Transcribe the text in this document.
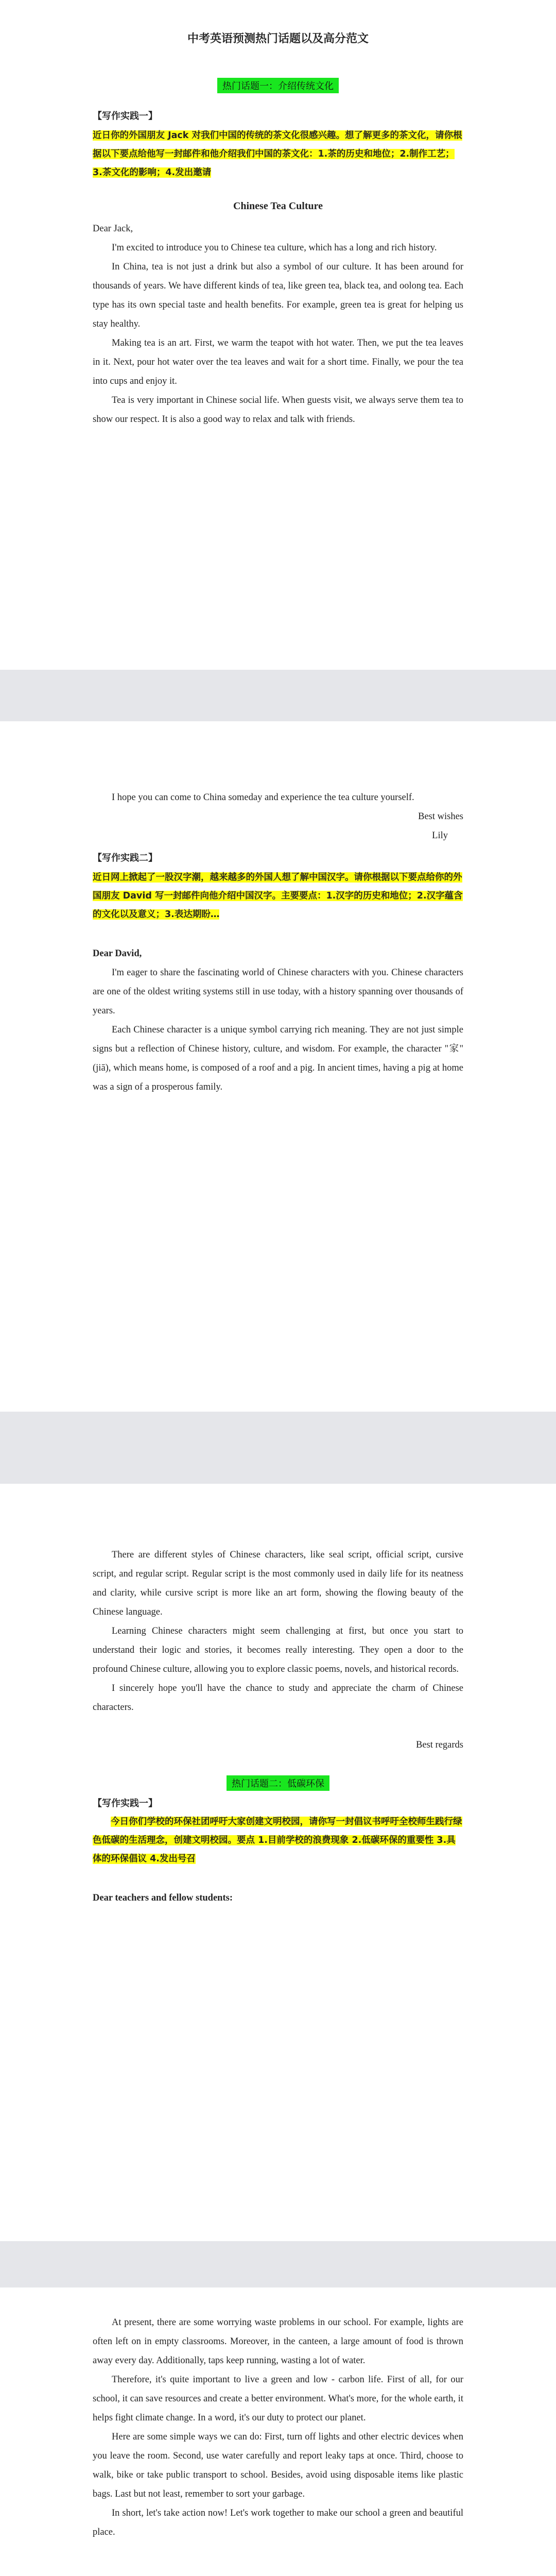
中考英语预测热门话题以及高分范文

热门话题一：介绍传统文化

【写作实践一】

近日你的外国朋友 Jack 对我们中国的传统的茶文化很感兴趣。想了解更多的茶文化，请你根据以下要点给他写一封邮件和他介绍我们中国的茶文化：1.茶的历史和地位；2.制作工艺；3.茶文化的影响；4.发出邀请

Chinese Tea Culture

Dear Jack,

I'm excited to introduce you to Chinese tea culture, which has a long and rich history.

In China, tea is not just a drink but also a symbol of our culture. It has been around for thousands of years. We have different kinds of tea, like green tea, black tea, and oolong tea. Each type has its own special taste and health benefits. For example, green tea is great for helping us stay healthy.

Making tea is an art. First, we warm the teapot with hot water. Then, we put the tea leaves in it. Next, pour hot water over the tea leaves and wait for a short time. Finally, we pour the tea into cups and enjoy it.

Tea is very important in Chinese social life. When guests visit, we always serve them tea to show our respect. It is also a good way to relax and talk with friends.

I hope you can come to China someday and experience the tea culture yourself.

Best wishes

Lily

【写作实践二】

近日网上掀起了一股汉字潮，越来越多的外国人想了解中国汉字。请你根据以下要点给你的外国朋友 David 写一封邮件向他介绍中国汉字。主要要点：1.汉字的历史和地位；2.汉字蕴含的文化以及意义；3.表达期盼…

Dear David,

I'm eager to share the fascinating world of Chinese characters with you. Chinese characters are one of the oldest writing systems still in use today, with a history spanning over thousands of years.

Each Chinese character is a unique symbol carrying rich meaning. They are not just simple signs but a reflection of Chinese history, culture, and wisdom. For example, the character "家" (jiā), which means home, is composed of a roof and a pig. In ancient times, having a pig at home was a sign of a prosperous family.

There are different styles of Chinese characters, like seal script, official script, cursive script, and regular script. Regular script is the most commonly used in daily life for its neatness and clarity, while cursive script is more like an art form, showing the flowing beauty of the Chinese language.

Learning Chinese characters might seem challenging at first, but once you start to understand their logic and stories, it becomes really interesting. They open a door to the profound Chinese culture, allowing you to explore classic poems, novels, and historical records.

I sincerely hope you'll have the chance to study and appreciate the charm of Chinese characters.

Best regards

热门话题二：低碳环保

【写作实践一】

今日你们学校的环保社团呼吁大家创建文明校园，请你写一封倡议书呼吁全校师生践行绿色低碳的生活理念，创建文明校园。要点 1.目前学校的浪费现象 2.低碳环保的重要性 3.具体的环保倡议 4.发出号召

Dear teachers and fellow students:

At present, there are some worrying waste problems in our school. For example, lights are often left on in empty classrooms. Moreover, in the canteen, a large amount of food is thrown away every day. Additionally, taps keep running, wasting a lot of water.

Therefore, it's quite important to live a green and low - carbon life. First of all, for our school, it can save resources and create a better environment. What's more, for the whole earth, it helps fight climate change. In a word, it's our duty to protect our planet.

Here are some simple ways we can do: First, turn off lights and other electric devices when you leave the room. Second, use water carefully and report leaky taps at once. Third, choose to walk, bike or take public transport to school. Besides, avoid using disposable items like plastic bags. Last but not least, remember to sort your garbage.

In short, let's take action now! Let's work together to make our school a green and beautiful place.
